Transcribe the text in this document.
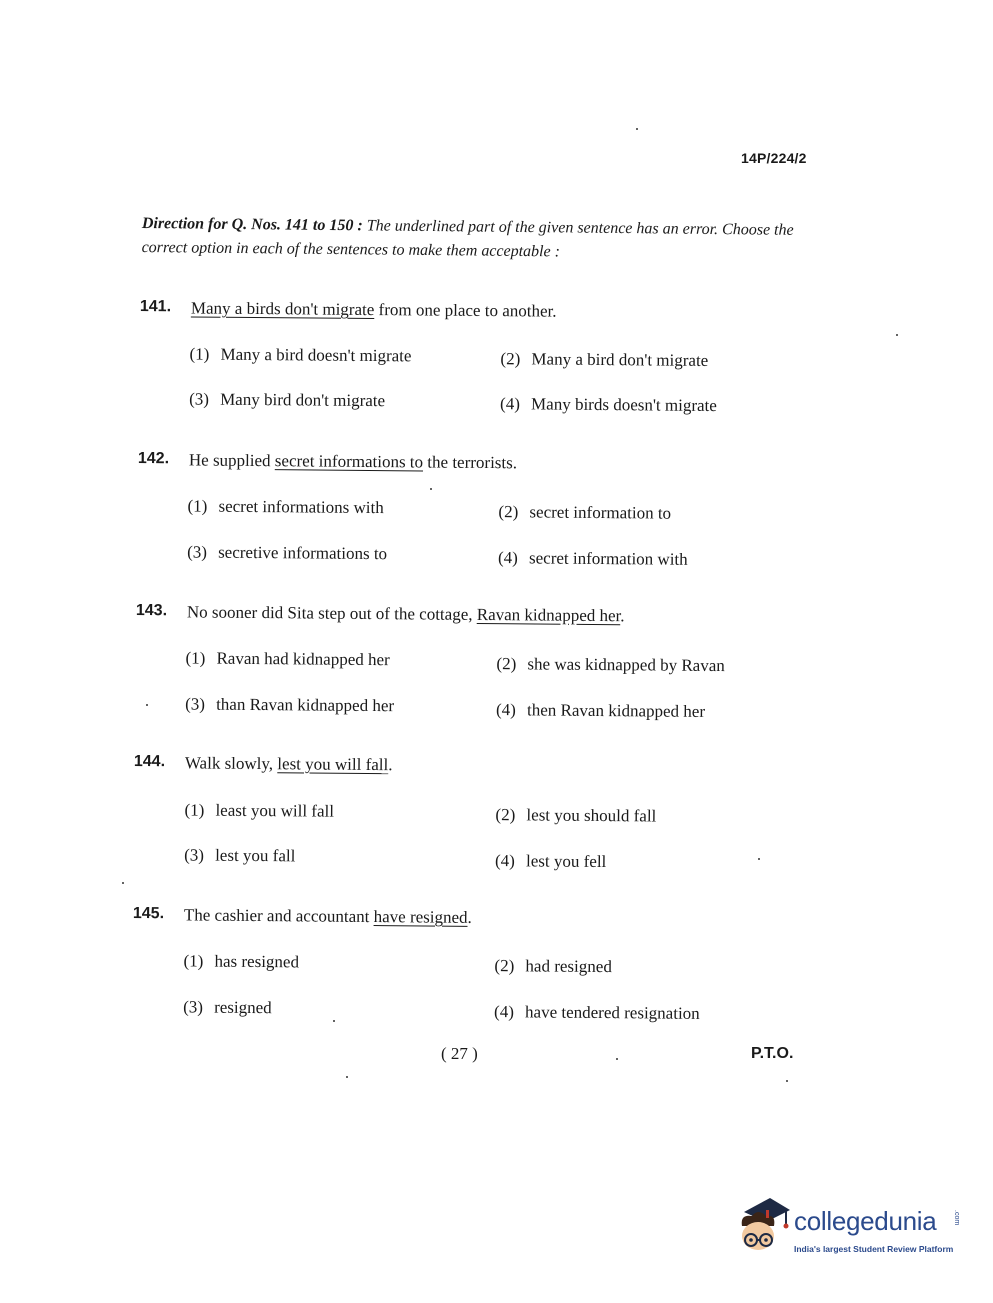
14P/224/2
Direction for Q. Nos. 141 to 150 : The underlined part of the given sentence has an error. Choose the correct option in each of the sentences to make them acceptable :
141. Many a birds don't migrate from one place to another.
(1) Many a bird doesn't migrate	(2) Many a bird don't migrate
(3) Many bird don't migrate	(4) Many birds doesn't migrate
142. He supplied secret informations to the terrorists.
(1) secret informations with	(2) secret information to
(3) secretive informations to	(4) secret information with
143. No sooner did Sita step out of the cottage, Ravan kidnapped her.
(1) Ravan had kidnapped her	(2) she was kidnapped by Ravan
(3) than Ravan kidnapped her	(4) then Ravan kidnapped her
144. Walk slowly, lest you will fall.
(1) least you will fall	(2) lest you should fall
(3) lest you fall	(4) lest you fell
145. The cashier and accountant have resigned.
(1) has resigned	(2) had resigned
(3) resigned	(4) have tendered resignation
( 27 )	P.T.O.
collegedunia .com
India's largest Student Review Platform
